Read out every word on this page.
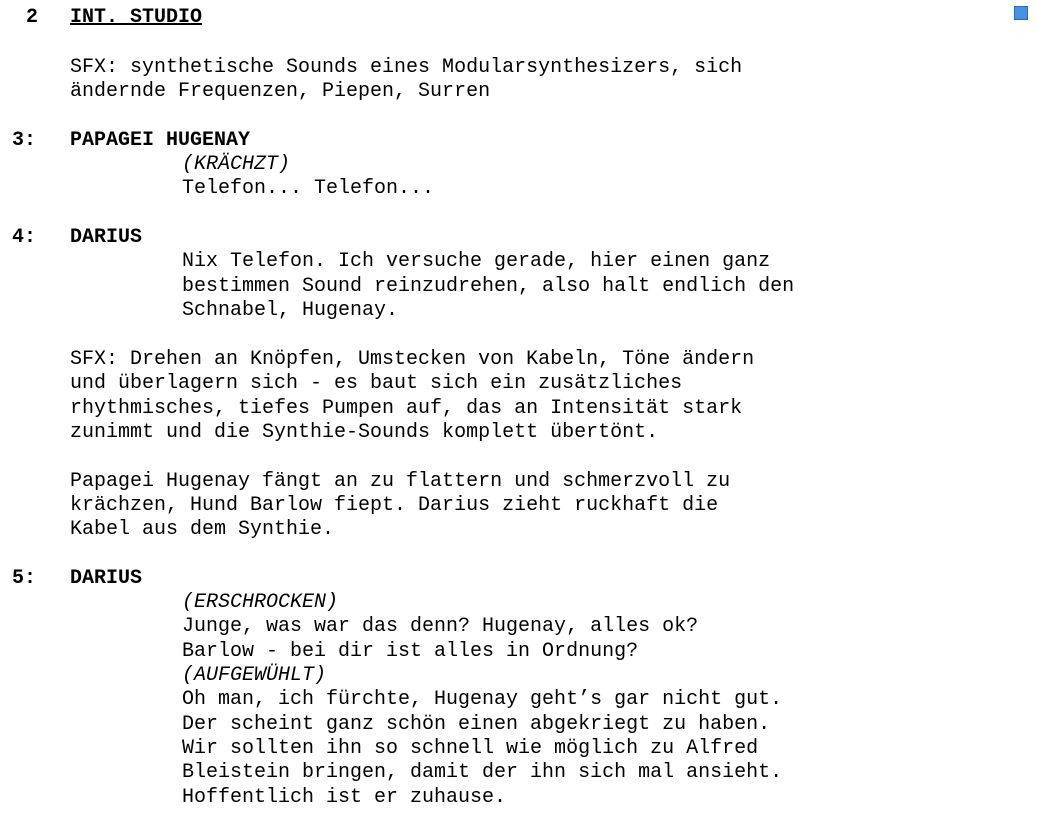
2 INT. STUDIO
SFX: synthetische Sounds eines Modularsynthesizers, sich
ändernde Frequenzen, Piepen, Surren
3: PAPAGEI HUGENAY
(KRÄCHZT)
Telefon... Telefon...
4: DARIUS
Nix Telefon. Ich versuche gerade, hier einen ganz
bestimmen Sound reinzudrehen, also halt endlich den
Schnabel, Hugenay.
SFX: Drehen an Knöpfen, Umstecken von Kabeln, Töne ändern
und überlagern sich - es baut sich ein zusätzliches
rhythmisches, tiefes Pumpen auf, das an Intensität stark
zunimmt und die Synthie-Sounds komplett übertönt.
Papagei Hugenay fängt an zu flattern und schmerzvoll zu
krächzen, Hund Barlow fiept. Darius zieht ruckhaft die
Kabel aus dem Synthie.
5: DARIUS
(ERSCHROCKEN)
Junge, was war das denn? Hugenay, alles ok?
Barlow - bei dir ist alles in Ordnung?
(AUFGEWÜHLT)
Oh man, ich fürchte, Hugenay geht’s gar nicht gut.
Der scheint ganz schön einen abgekriegt zu haben.
Wir sollten ihn so schnell wie möglich zu Alfred
Bleistein bringen, damit der ihn sich mal ansieht.
Hoffentlich ist er zuhause.
